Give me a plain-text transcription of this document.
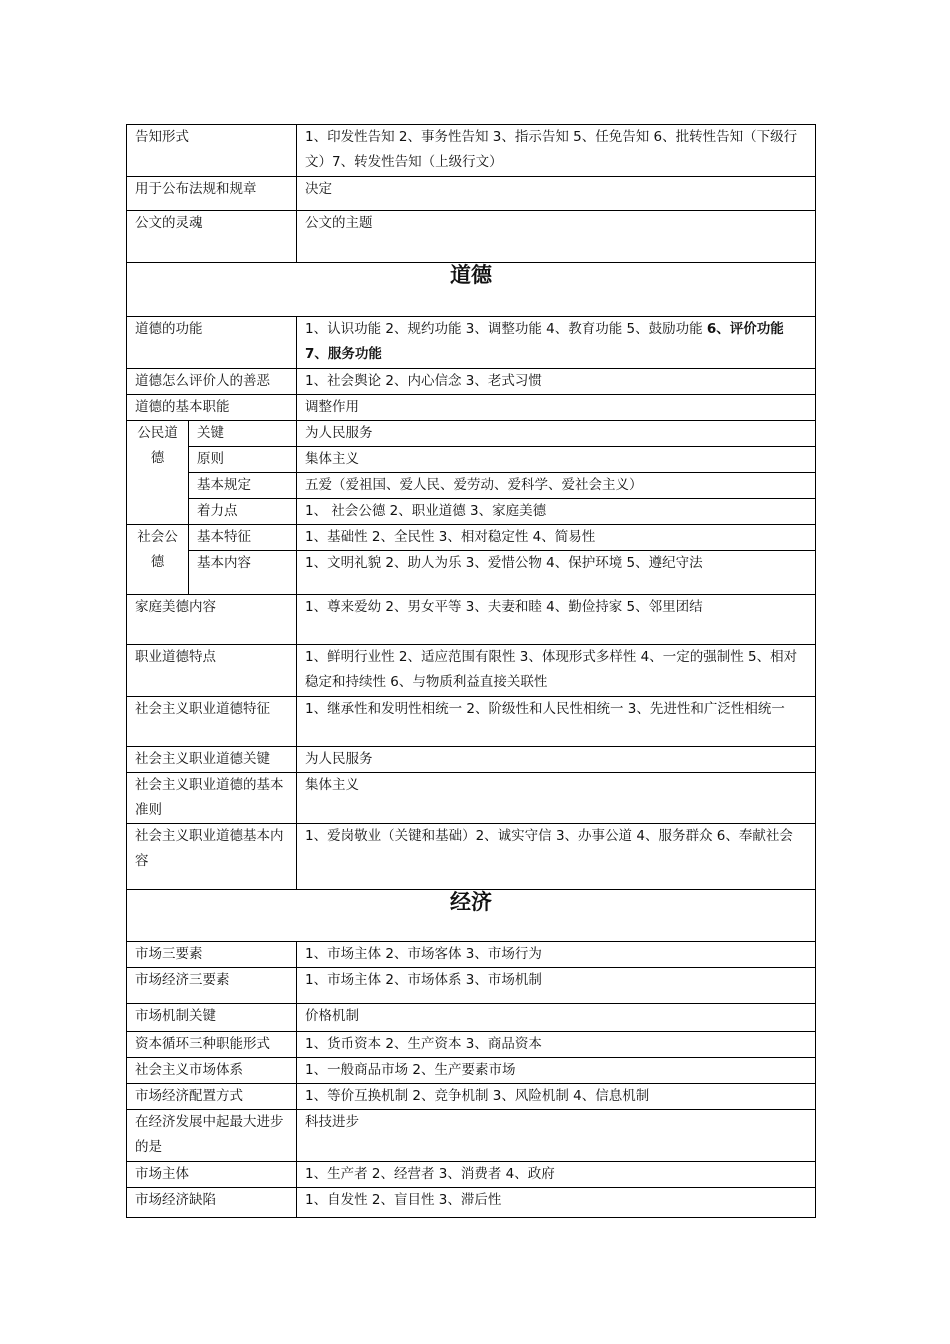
告知形式		1、印发性告知 2、事务性告知 3、指示告知 5、任免告知 6、批转性告知（下级行文）7、转发性告知（上级行文）
用于公布法规和规章		决定
公文的灵魂		公文的主题
道德		
道德的功能		1、认识功能 2、规约功能 3、调整功能 4、教育功能 5、鼓励功能 6、评价功能 7、服务功能
道德怎么评价人的善恶		1、社会舆论 2、内心信念 3、老式习惯
道德的基本职能		调整作用
公民道德	关键	为人民服务
	原则	集体主义
	基本规定	五爱（爱祖国、爱人民、爱劳动、爱科学、爱社会主义）
	着力点	1、 社会公德 2、职业道德 3、家庭美德
社会公德	基本特征	1、基础性 2、全民性 3、相对稳定性 4、简易性
	基本内容	1、文明礼貌 2、助人为乐 3、爱惜公物 4、保护环境 5、遵纪守法
家庭美德内容		1、尊来爱幼 2、男女平等 3、夫妻和睦 4、勤俭持家 5、邻里团结
职业道德特点		1、鲜明行业性 2、适应范围有限性 3、体现形式多样性 4、一定的强制性 5、相对稳定和持续性 6、与物质利益直接关联性
社会主义职业道德特征		1、继承性和发明性相统一 2、阶级性和人民性相统一 3、先进性和广泛性相统一
社会主义职业道德关键		为人民服务
社会主义职业道德的基本准则		集体主义
社会主义职业道德基本内容		1、爱岗敬业（关键和基础）2、诚实守信 3、办事公道 4、服务群众 6、奉献社会
经济		
市场三要素		1、市场主体 2、市场客体 3、市场行为
市场经济三要素		1、市场主体 2、市场体系 3、市场机制
市场机制关键		价格机制
资本循环三种职能形式		1、货币资本 2、生产资本 3、商品资本
社会主义市场体系		1、一般商品市场 2、生产要素市场
市场经济配置方式		1、等价互换机制 2、竞争机制 3、风险机制 4、信息机制
在经济发展中起最大进步的是		科技进步
市场主体		1、生产者 2、经营者 3、消费者 4、政府
市场经济缺陷		1、自发性 2、盲目性 3、滞后性
